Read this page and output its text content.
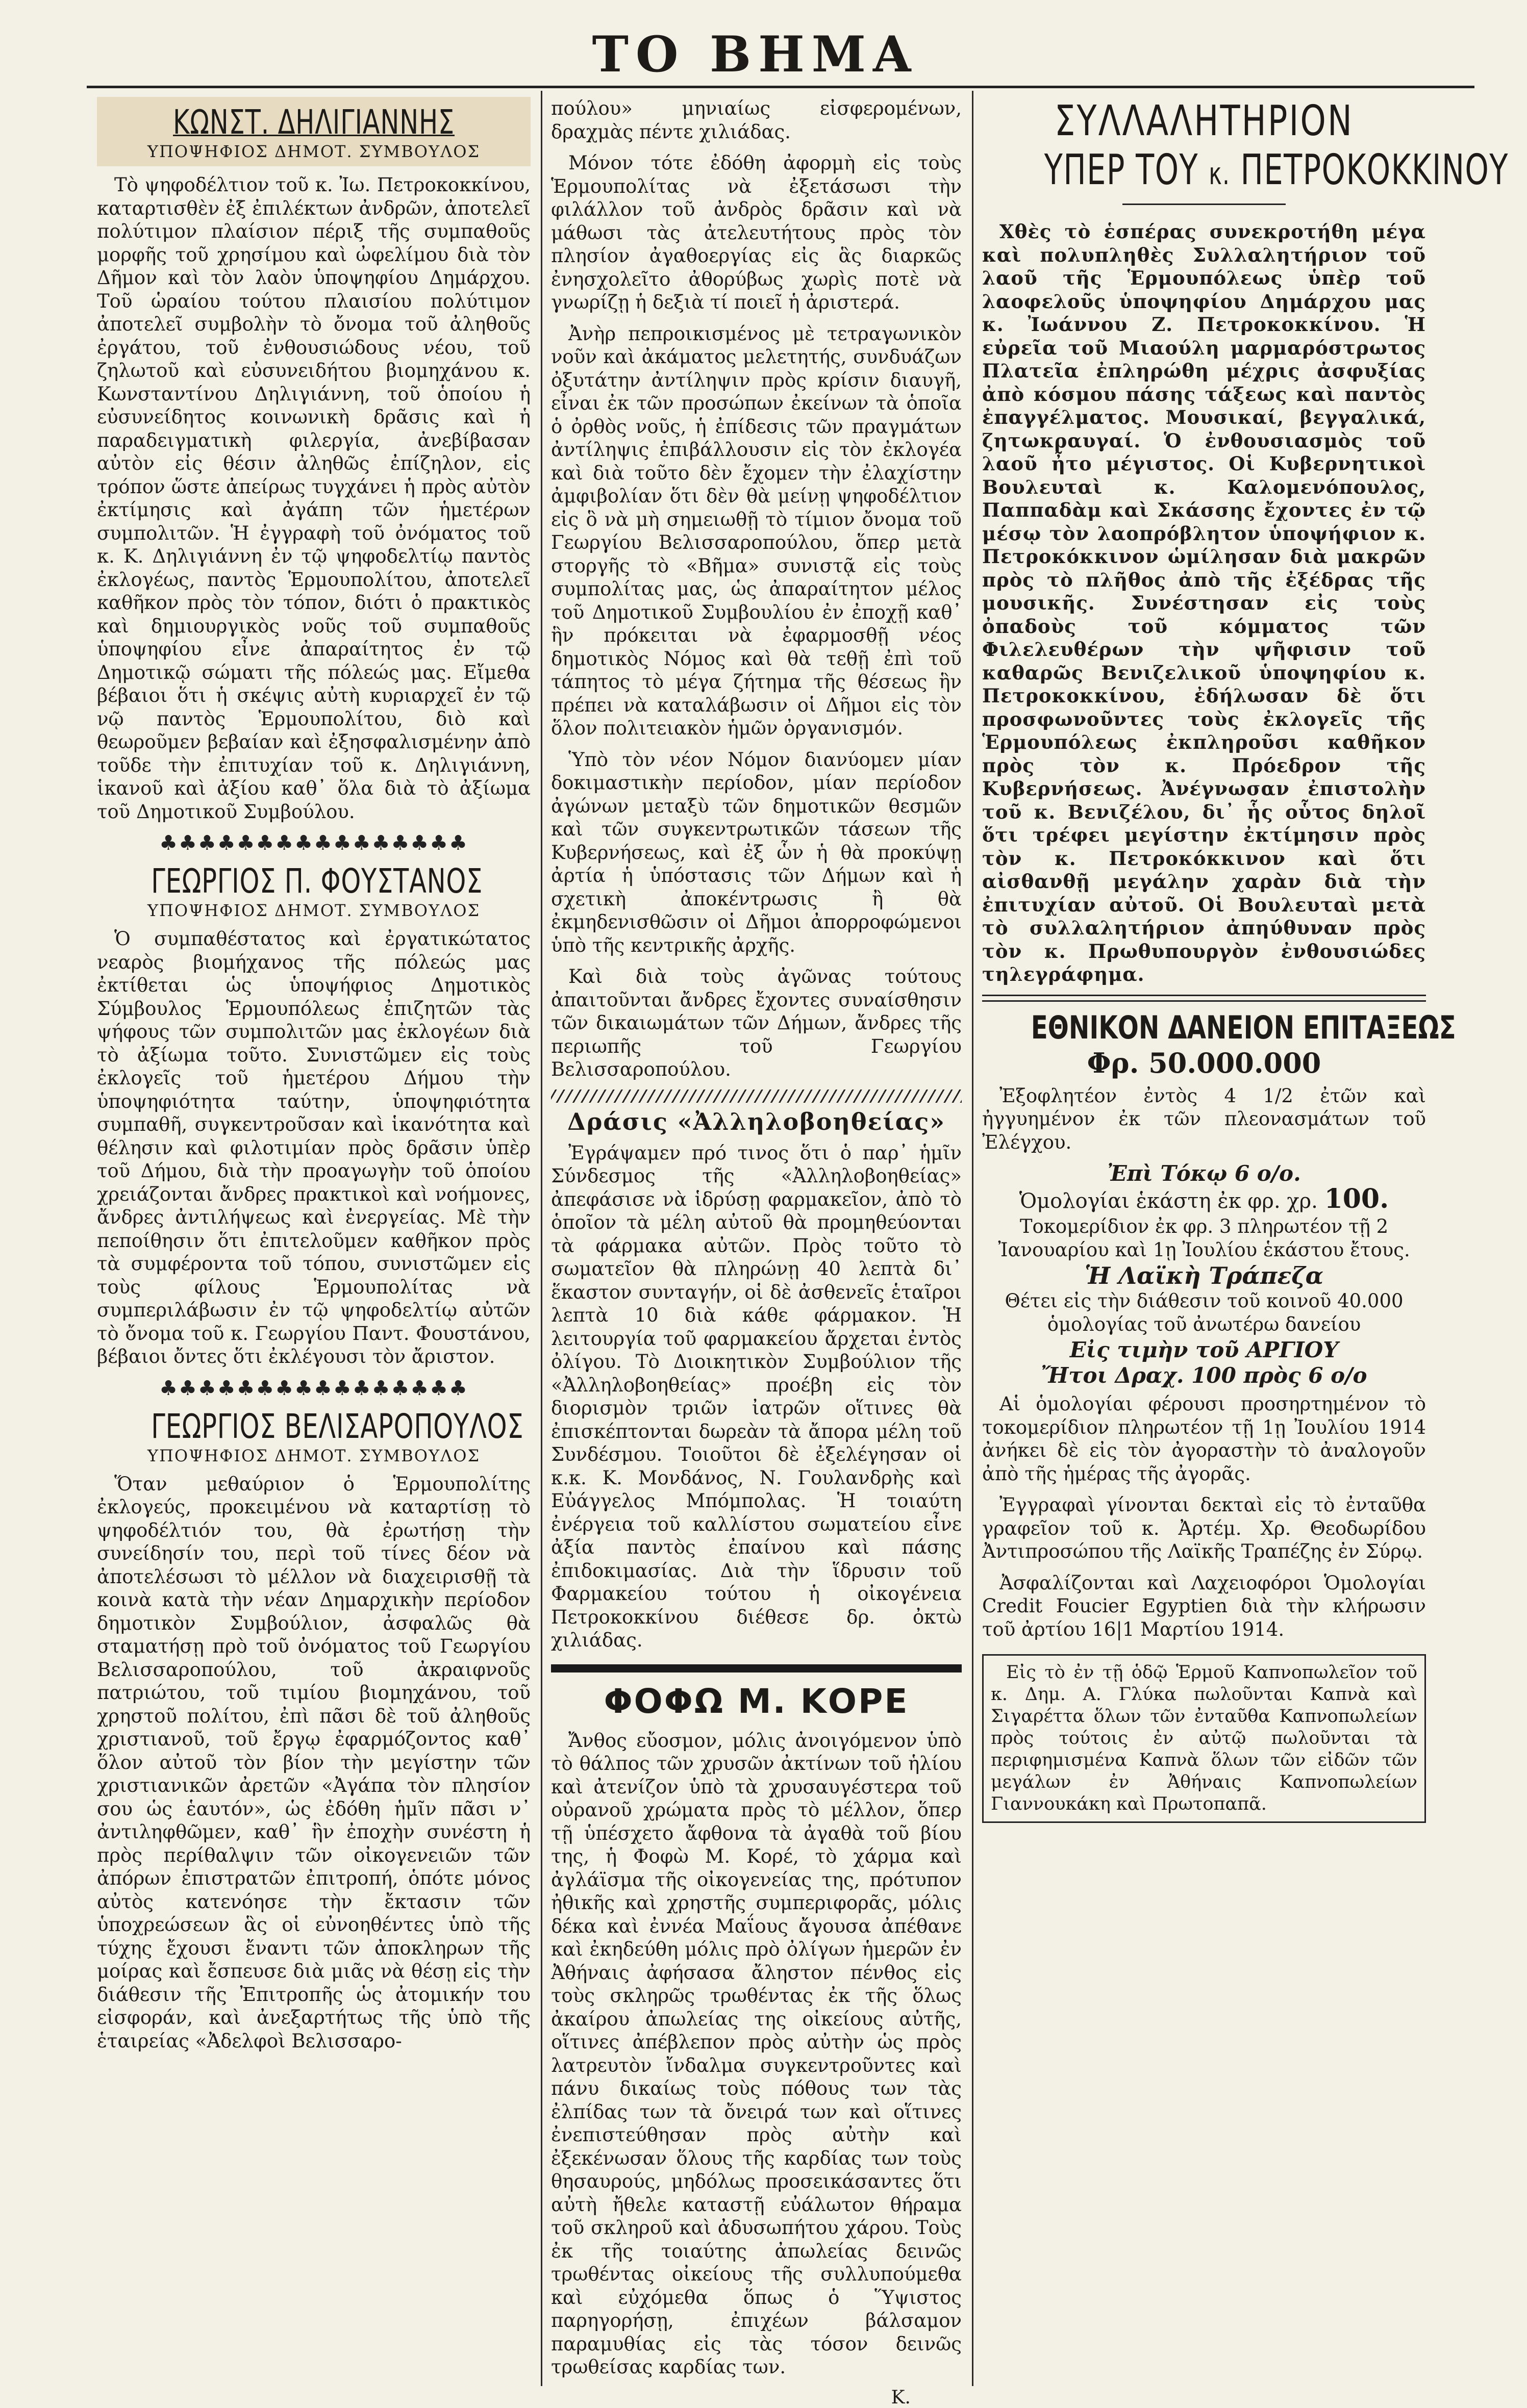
ΤΟ ΒΗΜΑ
ΚΩΝΣΤ. ΔΗΛΙΓΙΑΝΝΗΣ
ΥΠΟΨΗΦΙΟΣ ΔΗΜΟΤ. ΣΥΜΒΟΥΛΟΣ

Τὸ ψηφοδέλτιον τοῦ κ. Ἰω. Πετροκοκκίνου, καταρτισθὲν ἐξ ἐπιλέκτων ἀνδρῶν, ἀποτελεῖ πολύτιμον πλαίσιον πέριξ τῆς συμπαθοῦς μορφῆς τοῦ χρησίμου καὶ ὠφελίμου διὰ τὸν Δῆμον καὶ τὸν λαὸν ὑποψηφίου Δημάρχου. Τοῦ ὡραίου τούτου πλαισίου πολύτιμον ἀποτελεῖ συμβολὴν τὸ ὄνομα τοῦ ἀληθοῦς ἐργάτου, τοῦ ἐνθουσιώδους νέου, τοῦ ζηλωτοῦ καὶ εὐσυνειδήτου βιομηχάνου κ. Κωνσταντίνου Δηλιγιάννη, τοῦ ὁποίου ἡ εὐσυνείδητος κοινωνικὴ δρᾶσις καὶ ἡ παραδειγματικὴ φιλεργία, ἀνεβίβασαν αὐτὸν εἰς θέσιν ἀληθῶς ἐπίζηλον, εἰς τρόπον ὥστε ἀπείρως τυγχάνει ἡ πρὸς αὐτὸν ἐκτίμησις καὶ ἀγάπη τῶν ἡμετέρων συμπολιτῶν. Ἡ ἐγγραφὴ τοῦ ὀνόματος τοῦ κ. Κ. Δηλιγιάννη ἐν τῷ ψηφοδελτίῳ παντὸς ἐκλογέως, παντὸς Ἑρμουπολίτου, ἀποτελεῖ καθῆκον πρὸς τὸν τόπον, διότι ὁ πρακτικὸς καὶ δημιουργικὸς νοῦς τοῦ συμπαθοῦς ὑποψηφίου εἶνε ἀπαραίτητος ἐν τῷ Δημοτικῷ σώματι τῆς πόλεώς μας. Εἴμεθα βέβαιοι ὅτι ἡ σκέψις αὐτὴ κυριαρχεῖ ἐν τῷ νῷ παντὸς Ἑρμουπολίτου, διὸ καὶ θεωροῦμεν βεβαίαν καὶ ἐξησφαλισμένην ἀπὸ τοῦδε τὴν ἐπιτυχίαν τοῦ κ. Δηλιγιάννη, ἱκανοῦ καὶ ἀξίου καθ᾽ ὅλα διὰ τὸ ἀξίωμα τοῦ Δημοτικοῦ Συμβούλου.

♣♣♣♣♣♣♣♣♣♣♣♣♣♣♣♣
ΓΕΩΡΓΙΟΣ Π. ΦΟΥΣΤΑΝΟΣ
ΥΠΟΨΗΦΙΟΣ ΔΗΜΟΤ. ΣΥΜΒΟΥΛΟΣ

Ὁ συμπαθέστατος καὶ ἐργατικώτατος νεαρὸς βιομήχανος τῆς πόλεώς μας ἐκτίθεται ὡς ὑποψήφιος Δημοτικὸς Σύμβουλος Ἑρμουπόλεως ἐπιζητῶν τὰς ψήφους τῶν συμπολιτῶν μας ἐκλογέων διὰ τὸ ἀξίωμα τοῦτο. Συνιστῶμεν εἰς τοὺς ἐκλογεῖς τοῦ ἡμετέρου Δήμου τὴν ὑποψηφιότητα ταύτην, ὑποψηφιότητα συμπαθῆ, συγκεντροῦσαν καὶ ἱκανότητα καὶ θέλησιν καὶ φιλοτιμίαν πρὸς δρᾶσιν ὑπὲρ τοῦ Δήμου, διὰ τὴν προαγωγὴν τοῦ ὁποίου χρειάζονται ἄνδρες πρακτικοὶ καὶ νοήμονες, ἄνδρες ἀντιλήψεως καὶ ἐνεργείας. Μὲ τὴν πεποίθησιν ὅτι ἐπιτελοῦμεν καθῆκον πρὸς τὰ συμφέροντα τοῦ τόπου, συνιστῶμεν εἰς τοὺς φίλους Ἑρμουπολίτας νὰ συμπεριλάβωσιν ἐν τῷ ψηφοδελτίῳ αὐτῶν τὸ ὄνομα τοῦ κ. Γεωργίου Παντ. Φουστάνου, βέβαιοι ὄντες ὅτι ἐκλέγουσι τὸν ἄριστον.

♣♣♣♣♣♣♣♣♣♣♣♣♣♣♣♣
ΓΕΩΡΓΙΟΣ ΒΕΛΙΣΑΡΟΠΟΥΛΟΣ
ΥΠΟΨΗΦΙΟΣ ΔΗΜΟΤ. ΣΥΜΒΟΥΛΟΣ

Ὅταν μεθαύριον ὁ Ἑρμουπολίτης ἐκλογεύς, προκειμένου νὰ καταρτίσῃ τὸ ψηφοδέλτιόν του, θὰ ἐρωτήσῃ τὴν συνείδησίν του, περὶ τοῦ τίνες δέον νὰ ἀποτελέσωσι τὸ μέλλον νὰ διαχειρισθῇ τὰ κοινὰ κατὰ τὴν νέαν Δημαρχικὴν περίοδον δημοτικὸν Συμβούλιον, ἀσφαλῶς θὰ σταματήσῃ πρὸ τοῦ ὀνόματος τοῦ Γεωργίου Βελισσαροπούλου, τοῦ ἀκραιφνοῦς πατριώτου, τοῦ τιμίου βιομηχάνου, τοῦ χρηστοῦ πολίτου, ἐπὶ πᾶσι δὲ τοῦ ἀληθοῦς χριστιανοῦ, τοῦ ἔργῳ ἐφαρμόζοντος καθ᾽ ὅλον αὐτοῦ τὸν βίον τὴν μεγίστην τῶν χριστιανικῶν ἀρετῶν «Ἀγάπα τὸν πλησίον σου ὡς ἑαυτόν», ὡς ἐδόθη ἡμῖν πᾶσι ν᾽ ἀντιληφθῶμεν, καθ᾽ ἣν ἐποχὴν συνέστη ἡ πρὸς περίθαλψιν τῶν οἰκογενειῶν τῶν ἀπόρων ἐπιστρατῶν ἐπιτροπή, ὁπότε μόνος αὐτὸς κατενόησε τὴν ἔκτασιν τῶν ὑποχρεώσεων ἃς οἱ εὐνοηθέντες ὑπὸ τῆς τύχης ἔχουσι ἔναντι τῶν ἀποκληρων τῆς μοίρας καὶ ἔσπευσε διὰ μιᾶς νὰ θέσῃ εἰς τὴν διάθεσιν τῆς Ἐπιτροπῆς ὡς ἀτομικήν του εἰσφοράν, καὶ ἀνεξαρτήτως τῆς ὑπὸ τῆς ἑταιρείας «Ἀδελφοὶ Βελισσαρο-

πούλου» μηνιαίως εἰσφερομένων, δραχμὰς πέντε χιλιάδας.

Μόνον τότε ἐδόθη ἀφορμὴ εἰς τοὺς Ἑρμουπολίτας νὰ ἐξετάσωσι τὴν φιλάλλον τοῦ ἀνδρὸς δρᾶσιν καὶ νὰ μάθωσι τὰς ἀτελευτήτους πρὸς τὸν πλησίον ἀγαθοεργίας εἰς ἃς διαρκῶς ἐνησχολεῖτο ἀθορύβως χωρὶς ποτὲ νὰ γνωρίζῃ ἡ δεξιὰ τί ποιεῖ ἡ ἀριστερά.

Ἀνὴρ πεπροικισμένος μὲ τετραγωνικὸν νοῦν καὶ ἀκάματος μελετητής, συνδυάζων ὀξυτάτην ἀντίληψιν πρὸς κρίσιν διαυγῆ, εἶναι ἐκ τῶν προσώπων ἐκείνων τὰ ὁποῖα ὁ ὀρθὸς νοῦς, ἡ ἐπίδεσις τῶν πραγμάτων ἀντίληψις ἐπιβάλλουσιν εἰς τὸν ἐκλογέα καὶ διὰ τοῦτο δὲν ἔχομεν τὴν ἐλαχίστην ἀμφιβολίαν ὅτι δὲν θὰ μείνῃ ψηφοδέλτιον εἰς ὃ νὰ μὴ σημειωθῇ τὸ τίμιον ὄνομα τοῦ Γεωργίου Βελισσαροπούλου, ὅπερ μετὰ στοργῆς τὸ «Βῆμα» συνιστᾷ εἰς τοὺς συμπολίτας μας, ὡς ἀπαραίτητον μέλος τοῦ Δημοτικοῦ Συμβουλίου ἐν ἐποχῇ καθ᾽ ἣν πρόκειται νὰ ἐφαρμοσθῇ νέος δημοτικὸς Νόμος καὶ θὰ τεθῇ ἐπὶ τοῦ τάπητος τὸ μέγα ζήτημα τῆς θέσεως ἣν πρέπει νὰ καταλάβωσιν οἱ Δῆμοι εἰς τὸν ὅλον πολιτειακὸν ἡμῶν ὀργανισμόν.

Ὑπὸ τὸν νέον Νόμον διανύομεν μίαν δοκιμαστικὴν περίοδον, μίαν περίοδον ἀγώνων μεταξὺ τῶν δημοτικῶν θεσμῶν καὶ τῶν συγκεντρωτικῶν τάσεων τῆς Κυβερνήσεως, καὶ ἐξ ὧν ἡ θὰ προκύψῃ ἀρτία ἡ ὑπόστασις τῶν Δήμων καὶ ἡ σχετικὴ ἀποκέντρωσις ἢ θὰ ἐκμηδενισθῶσιν οἱ Δῆμοι ἀπορροφώμενοι ὑπὸ τῆς κεντρικῆς ἀρχῆς.

Καὶ διὰ τοὺς ἀγῶνας τούτους ἀπαιτοῦνται ἄνδρες ἔχοντες συναίσθησιν τῶν δικαιωμάτων τῶν Δήμων, ἄνδρες τῆς περιωπῆς τοῦ Γεωργίου Βελισσαροπούλου.

Δράσις «Ἀλληλοβοηθείας»

Ἐγράψαμεν πρό τινος ὅτι ὁ παρ᾽ ἡμῖν Σύνδεσμος τῆς «Ἀλληλοβοηθείας» ἀπεφάσισε νὰ ἱδρύσῃ φαρμακεῖον, ἀπὸ τὸ ὁποῖον τὰ μέλη αὐτοῦ θὰ προμηθεύονται τὰ φάρμακα αὐτῶν. Πρὸς τοῦτο τὸ σωματεῖον θὰ πληρώνῃ 40 λεπτὰ δι᾽ ἕκαστον συνταγήν, οἱ δὲ ἀσθενεῖς ἑταῖροι λεπτὰ 10 διὰ κάθε φάρμακον. Ἡ λειτουργία τοῦ φαρμακείου ἄρχεται ἐντὸς ὀλίγου. Τὸ Διοικητικὸν Συμβούλιον τῆς «Ἀλληλοβοηθείας» προέβη εἰς τὸν διορισμὸν τριῶν ἰατρῶν οἵτινες θὰ ἐπισκέπτονται δωρεὰν τὰ ἄπορα μέλη τοῦ Συνδέσμου. Τοιοῦτοι δὲ ἐξελέγησαν οἱ κ.κ. Κ. Μονδάνος, Ν. Γουλανδρὴς καὶ Εὐάγγελος Μπόμπολας. Ἡ τοιαύτη ἐνέργεια τοῦ καλλίστου σωματείου εἶνε ἀξία παντὸς ἐπαίνου καὶ πάσης ἐπιδοκιμασίας. Διὰ τὴν ἵδρυσιν τοῦ Φαρμακείου τούτου ἡ οἰκογένεια Πετροκοκκίνου διέθεσε δρ. ὀκτὼ χιλιάδας.

ΦΟΦΩ Μ. ΚΟΡΕ

Ἄνθος εὔοσμον, μόλις ἀνοιγόμενον ὑπὸ τὸ θάλπος τῶν χρυσῶν ἀκτίνων τοῦ ἡλίου καὶ ἀτενίζον ὑπὸ τὰ χρυσαυγέστερα τοῦ οὐρανοῦ χρώματα πρὸς τὸ μέλλον, ὅπερ τῇ ὑπέσχετο ἄφθονα τὰ ἀγαθὰ τοῦ βίου της, ἡ Φοφὼ Μ. Κορέ, τὸ χάρμα καὶ ἀγλάϊσμα τῆς οἰκογενείας της, πρότυπον ἠθικῆς καὶ χρηστῆς συμπεριφορᾶς, μόλις δέκα καὶ ἐννέα Μαΐους ἄγουσα ἀπέθανε καὶ ἐκηδεύθη μόλις πρὸ ὀλίγων ἡμερῶν ἐν Ἀθήναις ἀφήσασα ἄληστον πένθος εἰς τοὺς σκληρῶς τρωθέντας ἐκ τῆς ὅλως ἀκαίρου ἀπωλείας της οἰκείους αὐτῆς, οἵτινες ἀπέβλεπον πρὸς αὐτὴν ὡς πρὸς λατρευτὸν ἴνδαλμα συγκεντροῦντες καὶ πάνυ δικαίως τοὺς πόθους των τὰς ἐλπίδας των τὰ ὄνειρά των καὶ οἵτινες ἐνεπιστεύθησαν πρὸς αὐτὴν καὶ ἐξεκένωσαν ὅλους τῆς καρδίας των τοὺς θησαυρούς, μηδόλως προσεικάσαντες ὅτι αὐτὴ ἤθελε καταστῇ εὐάλωτον θήραμα τοῦ σκληροῦ καὶ ἀδυσωπήτου χάρου. Τοὺς ἐκ τῆς τοιαύτης ἀπωλείας δεινῶς τρωθέντας οἰκείους τῆς συλλυπούμεθα καὶ εὐχόμεθα ὅπως ὁ Ὕψιστος παρηγορήσῃ, ἐπιχέων βάλσαμον παραμυθίας εἰς τὰς τόσον δεινῶς τρωθείσας καρδίας των.

Κ.
ΣΥΛΛΑΛΗΤΗΡΙΟΝ
ΥΠΕΡ ΤΟΥ κ. ΠΕΤΡΟΚΟΚΚΙΝΟΥ

Χθὲς τὸ ἑσπέρας συνεκροτήθη μέγα καὶ πολυπληθὲς Συλλαλητήριον τοῦ λαοῦ τῆς Ἑρμουπόλεως ὑπὲρ τοῦ λαοφελοῦς ὑποψηφίου Δημάρχου μας κ. Ἰωάννου Ζ. Πετροκοκκίνου. Ἡ εὐρεῖα τοῦ Μιαούλη μαρμαρόστρωτος Πλατεῖα ἐπληρώθη μέχρις ἀσφυξίας ἀπὸ κόσμου πάσης τάξεως καὶ παντὸς ἐπαγγέλματος. Μουσικαί, βεγγαλικά, ζητωκραυγαί. Ὁ ἐνθουσιασμὸς τοῦ λαοῦ ἦτο μέγιστος. Οἱ Κυβερνητικοὶ Βουλευταὶ κ. Καλομενόπουλος, Παππαδὰμ καὶ Σκάσσης ἔχοντες ἐν τῷ μέσῳ τὸν λαοπρόβλητον ὑποψήφιον κ. Πετροκόκκινον ὡμίλησαν διὰ μακρῶν πρὸς τὸ πλῆθος ἀπὸ τῆς ἐξέδρας τῆς μουσικῆς. Συνέστησαν εἰς τοὺς ὀπαδοὺς τοῦ κόμματος τῶν Φιλελευθέρων τὴν ψῆφισιν τοῦ καθαρῶς Βενιζελικοῦ ὑποψηφίου κ. Πετροκοκκίνου, ἐδήλωσαν δὲ ὅτι προσφωνοῦντες τοὺς ἐκλογεῖς τῆς Ἑρμουπόλεως ἐκπληροῦσι καθῆκον πρὸς τὸν κ. Πρόεδρον τῆς Κυβερνήσεως. Ἀνέγνωσαν ἐπιστολὴν τοῦ κ. Βενιζέλου, δι᾽ ἧς οὗτος δηλοῖ ὅτι τρέφει μεγίστην ἐκτίμησιν πρὸς τὸν κ. Πετροκόκκινον καὶ ὅτι αἰσθανθῇ μεγάλην χαρὰν διὰ τὴν ἐπιτυχίαν αὐτοῦ. Οἱ Βουλευταὶ μετὰ τὸ συλλαλητήριον ἀπηύθυναν πρὸς τὸν κ. Πρωθυπουργὸν ἐνθουσιώδες τηλεγράφημα.

ΕΘΝΙΚΟΝ ΔΑΝΕΙΟΝ ΕΠΙΤΑΞΕΩΣ
Φρ. 50.000.000

Ἐξοφλητέον ἐντὸς 4 1/2 ἐτῶν καὶ ἠγγυημένον ἐκ τῶν πλεονασμάτων τοῦ Ἐλέγχου.

Ἐπὶ Τόκῳ 6 ο/ο.
Ὁμολογίαι ἑκάστη ἐκ φρ. χρ. 100.
Τοκομερίδιον ἐκ φρ. 3 πληρωτέον τῇ 2 Ἰανουαρίου καὶ 1ῃ Ἰουλίου ἑκάστου ἔτους.
Ἡ Λαϊκὴ Τράπεζα
Θέτει εἰς τὴν διάθεσιν τοῦ κοινοῦ 40.000 ὁμολογίας τοῦ ἀνωτέρω δανείου
Εἰς τιμὴν τοῦ ΑΡΓΙΟΥ
Ἤτοι Δραχ. 100 πρὸς 6 ο/ο

Αἱ ὁμολογίαι φέρουσι προσηρτημένον τὸ τοκομερίδιον πληρωτέον τῇ 1ῃ Ἰουλίου 1914 ἀνήκει δὲ εἰς τὸν ἀγοραστὴν τὸ ἀναλογοῦν ἀπὸ τῆς ἡμέρας τῆς ἀγορᾶς.

Ἐγγραφαὶ γίνονται δεκταὶ εἰς τὸ ἐνταῦθα γραφεῖον τοῦ κ. Ἀρτέμ. Χρ. Θεοδωρίδου Ἀντιπροσώπου τῆς Λαϊκῆς Τραπέζης ἐν Σύρῳ.

Ἀσφαλίζονται καὶ Λαχειοφόροι Ὁμολογίαι Credit Foucier Egyptien διὰ τὴν κλήρωσιν τοῦ ἀρτίου 16|1 Μαρτίου 1914.

Εἰς τὸ ἐν τῇ ὁδῷ Ἑρμοῦ Καπνοπωλεῖον τοῦ κ. Δημ. Α. Γλύκα πωλοῦνται Καπνὰ καὶ Σιγαρέττα ὅλων τῶν ἐνταῦθα Καπνοπωλείων πρὸς τούτοις ἐν αὐτῷ πωλοῦνται τὰ περιφημισμένα Καπνὰ ὅλων τῶν εἰδῶν τῶν μεγάλων ἐν Ἀθήναις Καπνοπωλείων Γιαννουκάκη καὶ Πρωτοπαπᾶ.
